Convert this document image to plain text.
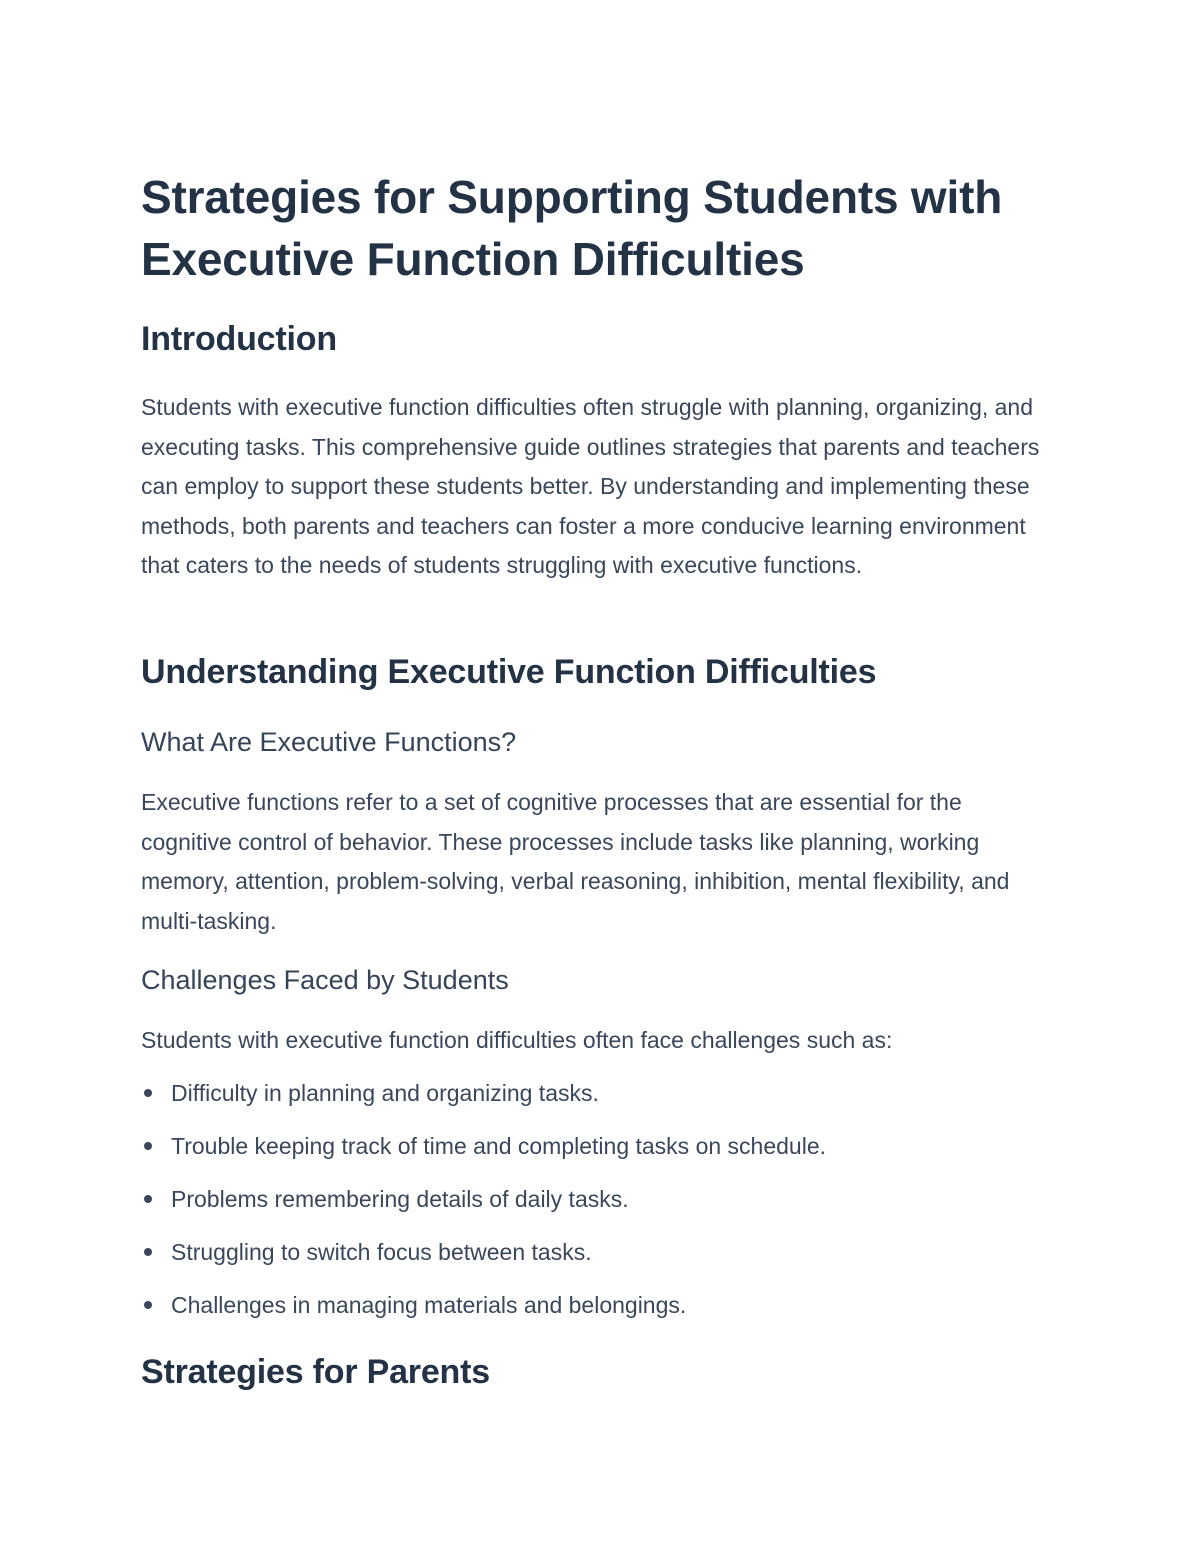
Strategies for Supporting Students with Executive Function Difficulties
Introduction

Students with executive function difficulties often struggle with planning, organizing, and executing tasks. This comprehensive guide outlines strategies that parents and teachers can employ to support these students better. By understanding and implementing these methods, both parents and teachers can foster a more conducive learning environment that caters to the needs of students struggling with executive functions.

Understanding Executive Function Difficulties
What Are Executive Functions?

Executive functions refer to a set of cognitive processes that are essential for the cognitive control of behavior. These processes include tasks like planning, working memory, attention, problem-solving, verbal reasoning, inhibition, mental flexibility, and multi-tasking.

Challenges Faced by Students

Students with executive function difficulties often face challenges such as:

Difficulty in planning and organizing tasks.
Trouble keeping track of time and completing tasks on schedule.
Problems remembering details of daily tasks.
Struggling to switch focus between tasks.
Challenges in managing materials and belongings.
Strategies for Parents
